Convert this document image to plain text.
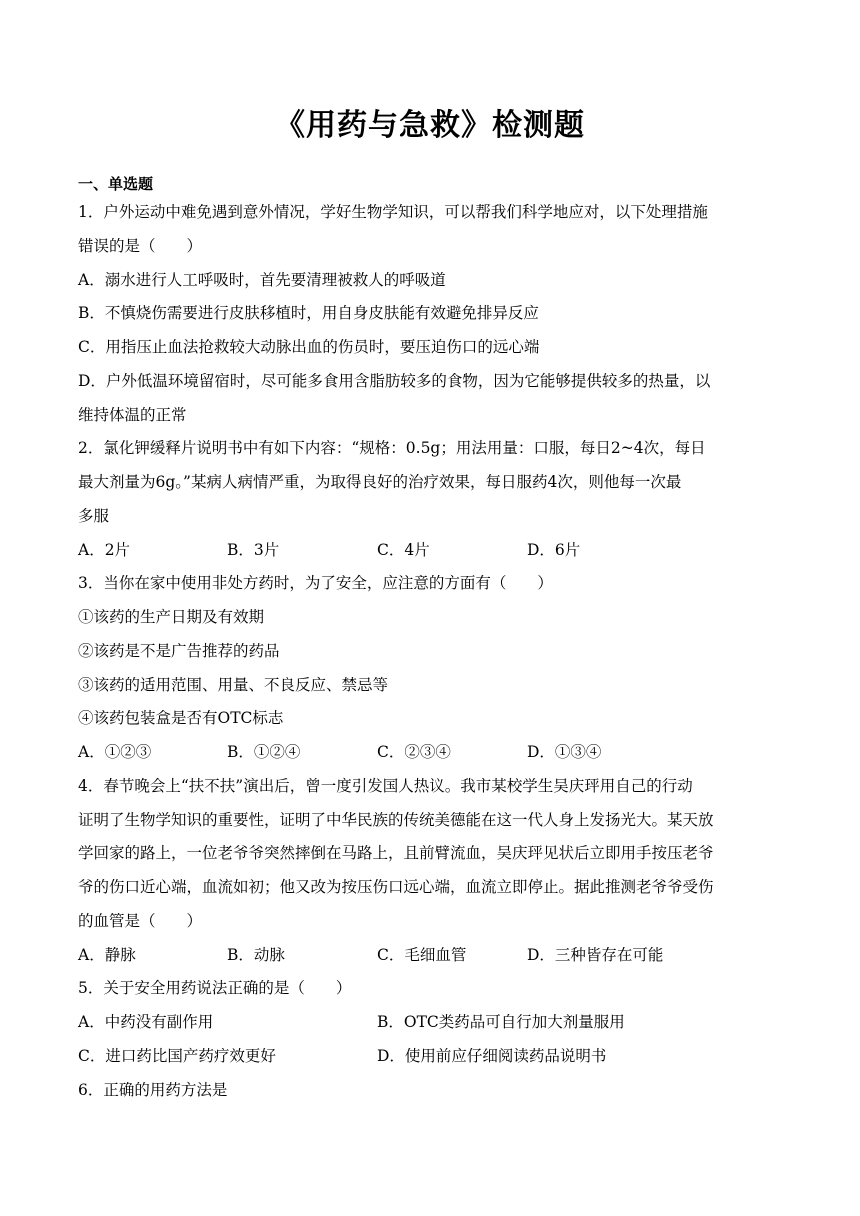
《用药与急救》检测题
一、单选题
1．户外运动中难免遇到意外情况，学好生物学知识，可以帮我们科学地应对，以下处理措施
错误的是（　　）
A．溺水进行人工呼吸时，首先要清理被救人的呼吸道
B．不慎烧伤需要进行皮肤移植时，用自身皮肤能有效避免排异反应
C．用指压止血法抢救较大动脉出血的伤员时，要压迫伤口的远心端
D．户外低温环境留宿时，尽可能多食用含脂肪较多的食物，因为它能够提供较多的热量，以
维持体温的正常
2．氯化钾缓释片说明书中有如下内容：“规格：0.5g；用法用量：口服，每日2~4次，每日
最大剂量为6g。”某病人病情严重，为取得良好的治疗效果，每日服药4次，则他每一次最
多服
A．2片	B．3片	C．4片	D．6片
3．当你在家中使用非处方药时，为了安全，应注意的方面有（　　）
①该药的生产日期及有效期
②该药是不是广告推荐的药品
③该药的适用范围、用量、不良反应、禁忌等
④该药包装盒是否有OTC标志
A．①②③	B．①②④	C．②③④	D．①③④
4．春节晚会上“扶不扶”演出后，曾一度引发国人热议。我市某校学生吴庆玶用自己的行动
证明了生物学知识的重要性，证明了中华民族的传统美德能在这一代人身上发扬光大。某天放
学回家的路上，一位老爷爷突然摔倒在马路上，且前臂流血，吴庆玶见状后立即用手按压老爷
爷的伤口近心端，血流如初；他又改为按压伤口远心端，血流立即停止。据此推测老爷爷受伤
的血管是（　　）
A．静脉	B．动脉	C．毛细血管	D．三种皆存在可能
5．关于安全用药说法正确的是（　　）
A．中药没有副作用	B．OTC类药品可自行加大剂量服用
C．进口药比国产药疗效更好	D．使用前应仔细阅读药品说明书
6．正确的用药方法是
